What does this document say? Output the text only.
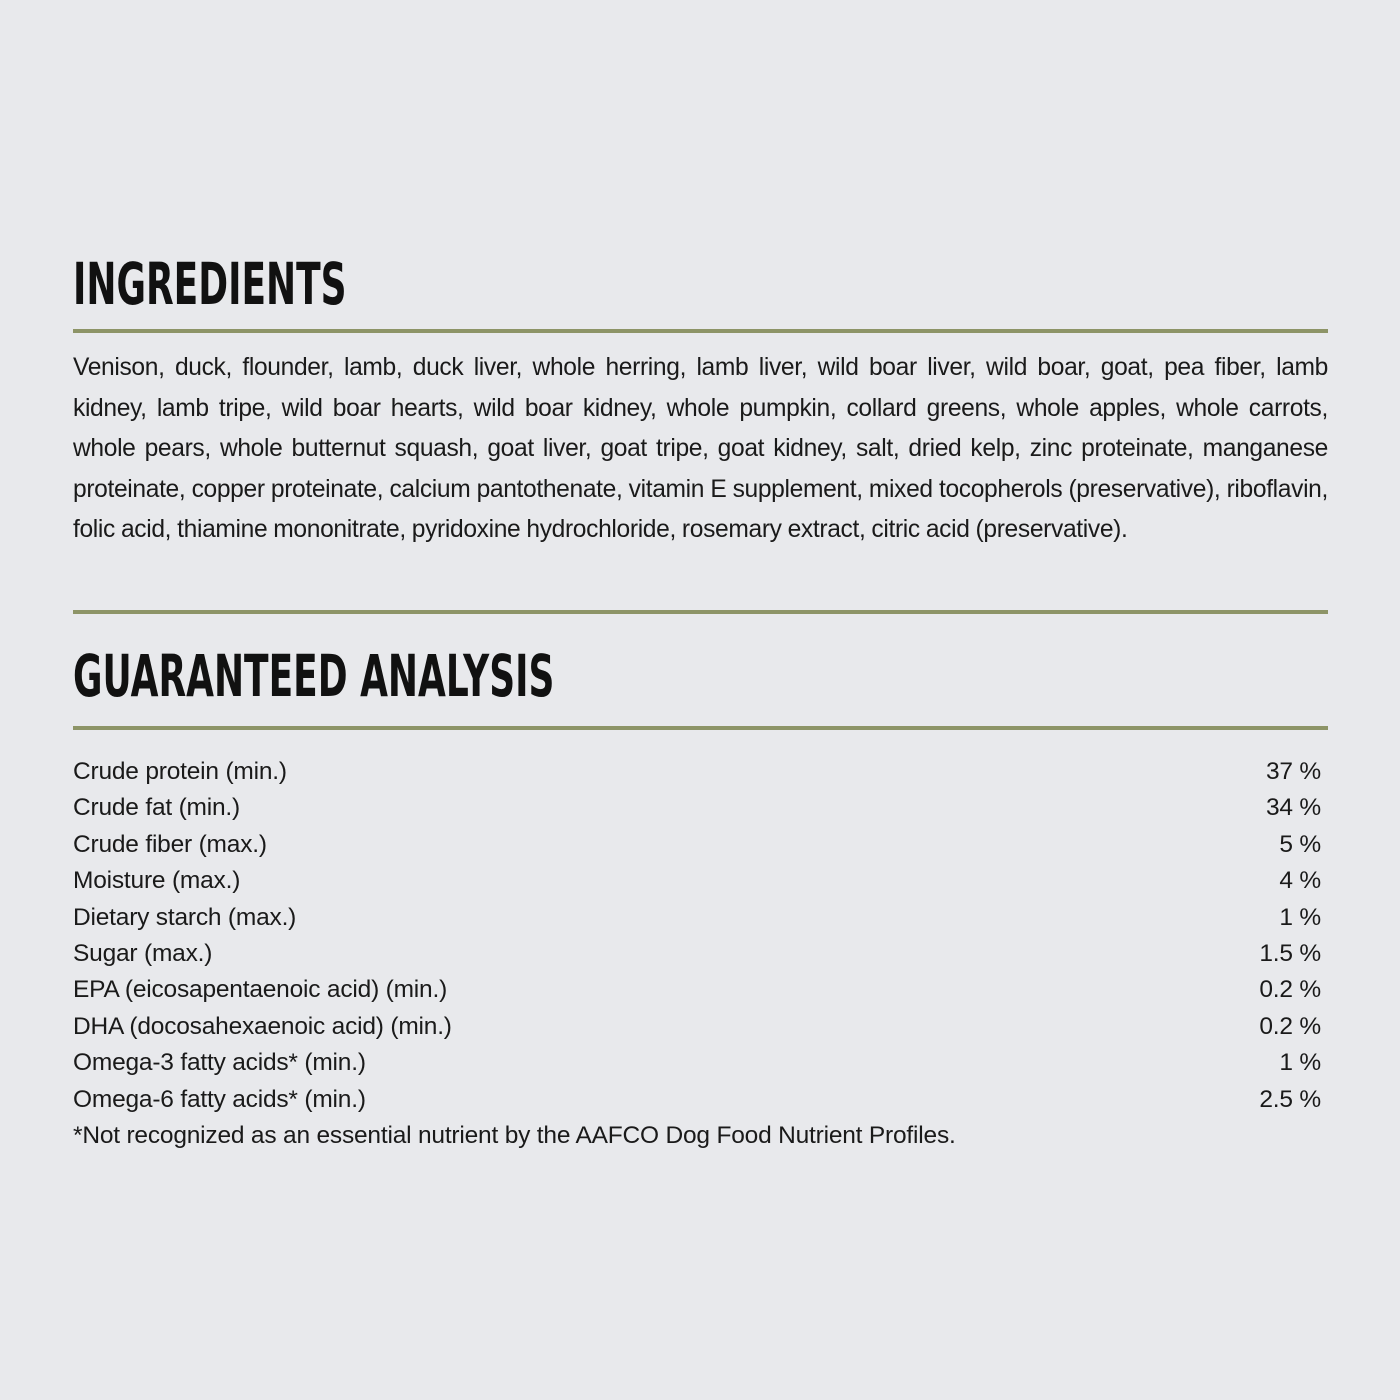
INGREDIENTS

Venison, duck, flounder, lamb, duck liver, whole herring, lamb liver, wild boar liver, wild boar, goat, pea fiber, lamb kidney, lamb tripe, wild boar hearts, wild boar kidney, whole pumpkin, collard greens, whole apples, whole carrots, whole pears, whole butternut squash, goat liver, goat tripe, goat kidney, salt, dried kelp, zinc proteinate, manganese proteinate, copper proteinate, calcium pantothenate, vitamin E supplement, mixed tocopherols (preservative), riboflavin, folic acid, thiamine mononitrate, pyridoxine hydrochloride, rosemary extract, citric acid (preservative).

GUARANTEED ANALYSIS
Crude protein (min.)	37 %
Crude fat (min.)	34 %
Crude fiber (max.)	5 %
Moisture (max.)	4 %
Dietary starch (max.)	1 %
Sugar (max.)	1.5 %
EPA (eicosapentaenoic acid) (min.)	0.2 %
DHA (docosahexaenoic acid) (min.)	0.2 %
Omega-3 fatty acids* (min.)	1 %
Omega-6 fatty acids* (min.)	2.5 %

*Not recognized as an essential nutrient by the AAFCO Dog Food Nutrient Profiles.
